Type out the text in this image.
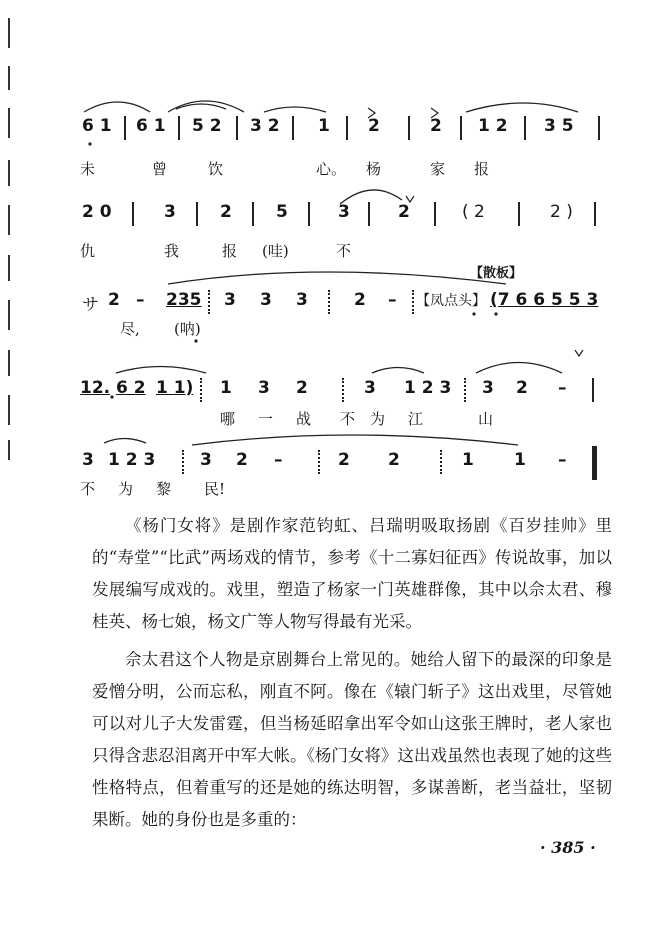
6 1 6 1 5 2 3 2 1 2	2 1 2 3 5
未	曾	饮	心。 杨	家 报
2 0	3	2	5	3	2	( 2	2 )
仇	我	报 (哇)	不
【散板】
サ 2 – 235 3 3 3	2 – 【凤点头】 (7 6 6 5 5 3
尽, (呐)
12. 6 2 1 1) 1 3 2	3 1 2 3 3 2 –
哪 一 战 不 为 江	山
3 1 2 3	3 2 –	2 2	1 1 –
不 为 黎 民!

《杨门女将》是剧作家范钧虹、吕瑞明吸取扬剧《百岁挂帅》里的“寿堂”“比武”两场戏的情节，参考《十二寡妇征西》传说故事，加以发展编写成戏的。戏里，塑造了杨家一门英雄群像，其中以佘太君、穆桂英、杨七娘，杨文广等人物写得最有光采。

佘太君这个人物是京剧舞台上常见的。她给人留下的最深的印象是爱憎分明，公而忘私，刚直不阿。像在《辕门斩子》这出戏里，尽管她可以对儿子大发雷霆，但当杨延昭拿出军令如山这张王牌时，老人家也只得含悲忍泪离开中军大帐。《杨门女将》这出戏虽然也表现了她的这些性格特点，但着重写的还是她的练达明智，多谋善断，老当益壮，坚韧果断。她的身份也是多重的：

· 385 ·
